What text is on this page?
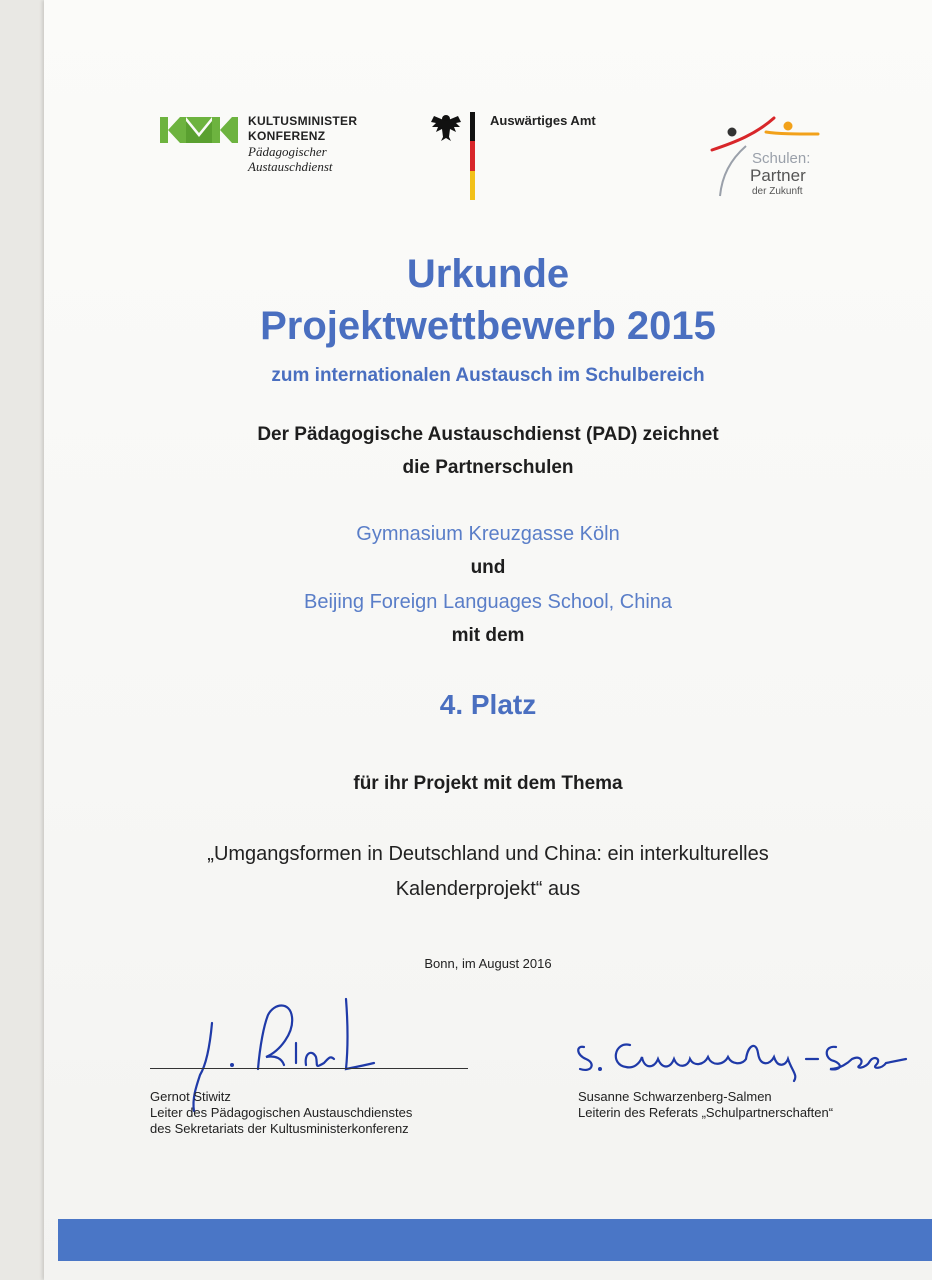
KULTUSMINISTER
KONFERENZ
Pädagogischer
Austauschdienst
Auswärtiges Amt
Schulen:
Partner
der Zukunft
Urkunde
Projektwettbewerb 2015
zum internationalen Austausch im Schulbereich
Der Pädagogische Austauschdienst (PAD) zeichnet
die Partnerschulen
Gymnasium Kreuzgasse Köln
und
Beijing Foreign Languages School, China
mit dem
4. Platz
für ihr Projekt mit dem Thema
„Umgangsformen in Deutschland und China: ein interkulturelles
Kalenderprojekt“ aus
Bonn, im August 2016
Gernot Stiwitz
Leiter des Pädagogischen Austauschdienstes
des Sekretariats der Kultusministerkonferenz
Susanne Schwarzenberg-Salmen
Leiterin des Referats „Schulpartnerschaften“
